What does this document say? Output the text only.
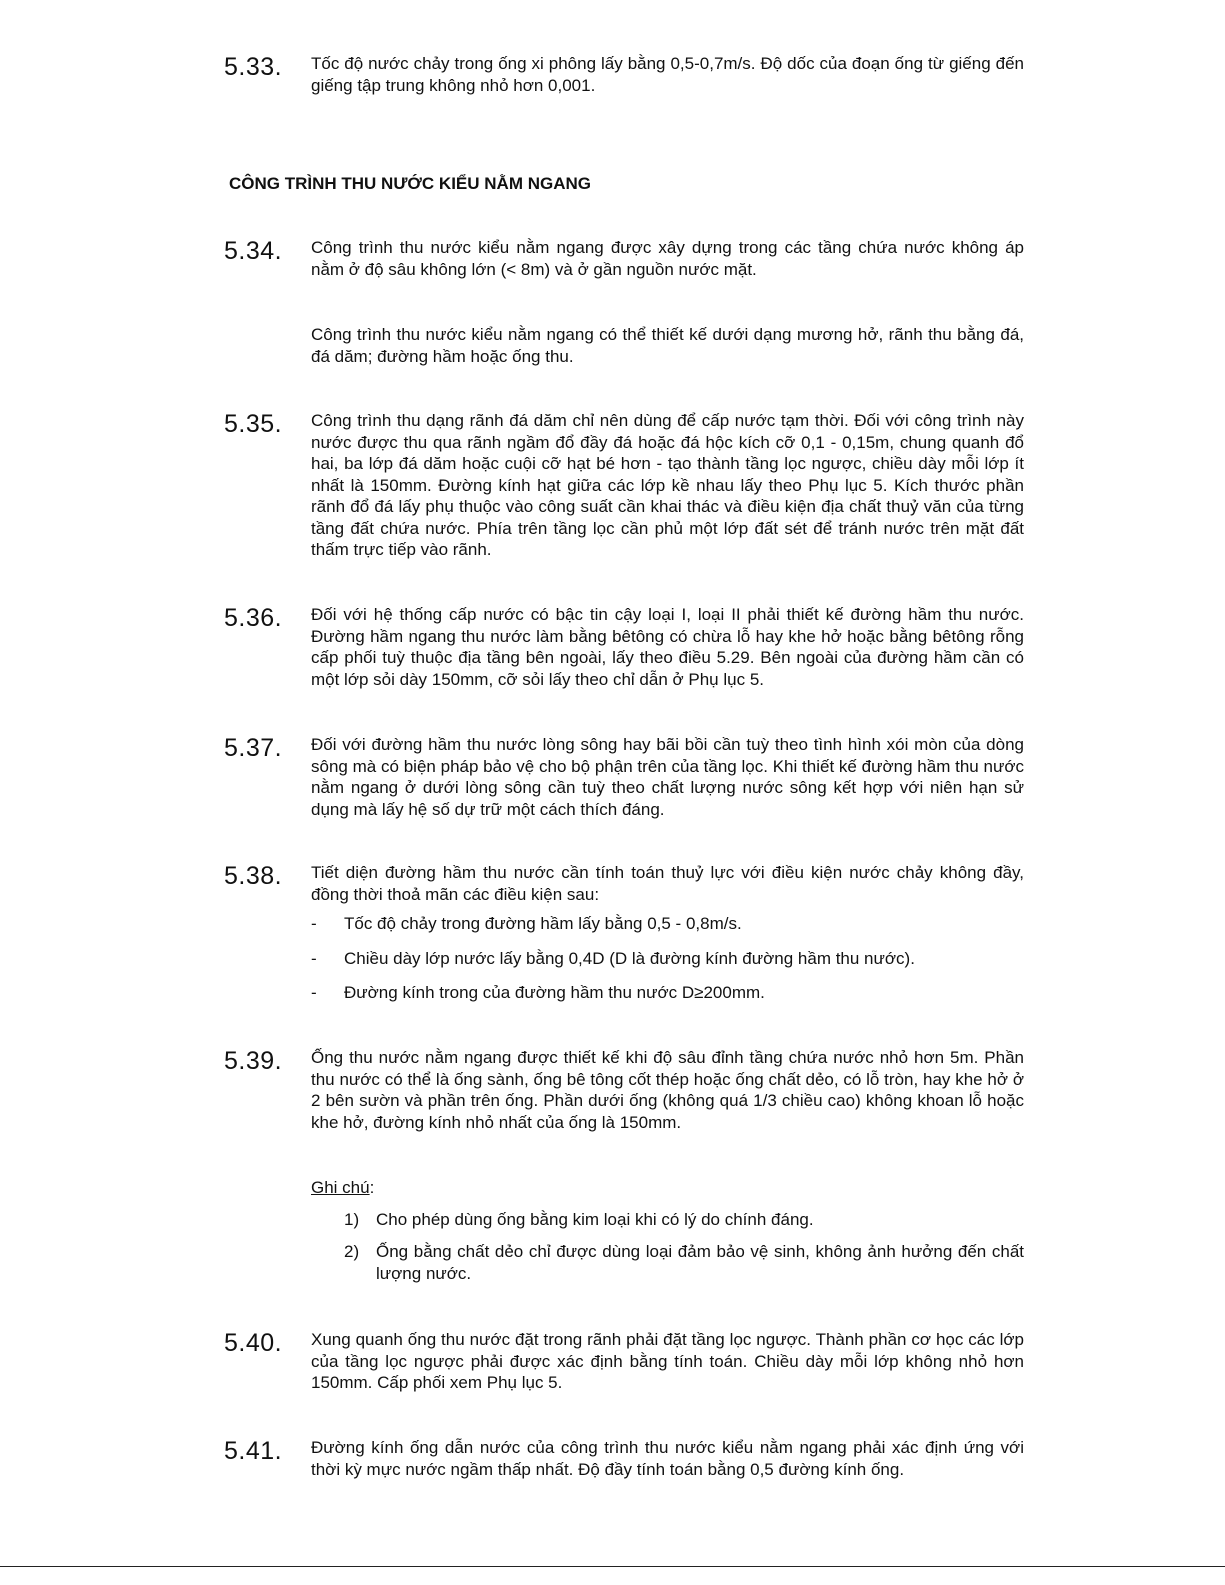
5.33. Tốc độ nước chảy trong ống xi phông lấy bằng 0,5-0,7m/s. Độ dốc của đoạn ống từ giếng đến giếng tập trung không nhỏ hơn 0,001.

CÔNG TRÌNH THU NƯỚC KIỂU NẰM NGANG
5.34. Công trình thu nước kiểu nằm ngang được xây dựng trong các tầng chứa nước không áp nằm ở độ sâu không lớn (< 8m) và ở gần nguồn nước mặt.

Công trình thu nước kiểu nằm ngang có thể thiết kế dưới dạng mương hở, rãnh thu bằng đá, đá dăm; đường hầm hoặc ống thu.

5.35. Công trình thu dạng rãnh đá dăm chỉ nên dùng để cấp nước tạm thời. Đối với công trình này nước được thu qua rãnh ngầm đổ đầy đá hoặc đá hộc kích cỡ 0,1 - 0,15m, chung quanh đổ hai, ba lớp đá dăm hoặc cuội cỡ hạt bé hơn - tạo thành tầng lọc ngược, chiều dày mỗi lớp ít nhất là 150mm. Đường kính hạt giữa các lớp kề nhau lấy theo Phụ lục 5. Kích thước phần rãnh đổ đá lấy phụ thuộc vào công suất cần khai thác và điều kiện địa chất thuỷ văn của từng tầng đất chứa nước. Phía trên tầng lọc cần phủ một lớp đất sét để tránh nước trên mặt đất thấm trực tiếp vào rãnh.

5.36. Đối với hệ thống cấp nước có bậc tin cậy loại I, loại II phải thiết kế đường hầm thu nước. Đường hầm ngang thu nước làm bằng bêtông có chừa lỗ hay khe hở hoặc bằng bêtông rỗng cấp phối tuỳ thuộc địa tầng bên ngoài, lấy theo điều 5.29. Bên ngoài của đường hầm cần có một lớp sỏi dày 150mm, cỡ sỏi lấy theo chỉ dẫn ở Phụ lục 5.

5.37. Đối với đường hầm thu nước lòng sông hay bãi bồi cần tuỳ theo tình hình xói mòn của dòng sông mà có biện pháp bảo vệ cho bộ phận trên của tầng lọc. Khi thiết kế đường hầm thu nước nằm ngang ở dưới lòng sông cần tuỳ theo chất lượng nước sông kết hợp với niên hạn sử dụng mà lấy hệ số dự trữ một cách thích đáng.

5.38. Tiết diện đường hầm thu nước cần tính toán thuỷ lực với điều kiện nước chảy không đầy, đồng thời thoả mãn các điều kiện sau:

- Tốc độ chảy trong đường hầm lấy bằng 0,5 - 0,8m/s.
- Chiều dày lớp nước lấy bằng 0,4D (D là đường kính đường hầm thu nước).
- Đường kính trong của đường hầm thu nước D≥200mm.
5.39. Ống thu nước nằm ngang được thiết kế khi độ sâu đỉnh tầng chứa nước nhỏ hơn 5m. Phần thu nước có thể là ống sành, ống bê tông cốt thép hoặc ống chất dẻo, có lỗ tròn, hay khe hở ở 2 bên sườn và phần trên ống. Phần dưới ống (không quá 1/3 chiều cao) không khoan lỗ hoặc khe hở, đường kính nhỏ nhất của ống là 150mm.

Ghi chú:
1) Cho phép dùng ống bằng kim loại khi có lý do chính đáng.
2) Ống bằng chất dẻo chỉ được dùng loại đảm bảo vệ sinh, không ảnh hưởng đến chất lượng nước.
5.40. Xung quanh ống thu nước đặt trong rãnh phải đặt tầng lọc ngược. Thành phần cơ học các lớp của tầng lọc ngược phải được xác định bằng tính toán. Chiều dày mỗi lớp không nhỏ hơn 150mm. Cấp phối xem Phụ lục 5.

5.41. Đường kính ống dẫn nước của công trình thu nước kiểu nằm ngang phải xác định ứng với thời kỳ mực nước ngầm thấp nhất. Độ đầy tính toán bằng 0,5 đường kính ống.
